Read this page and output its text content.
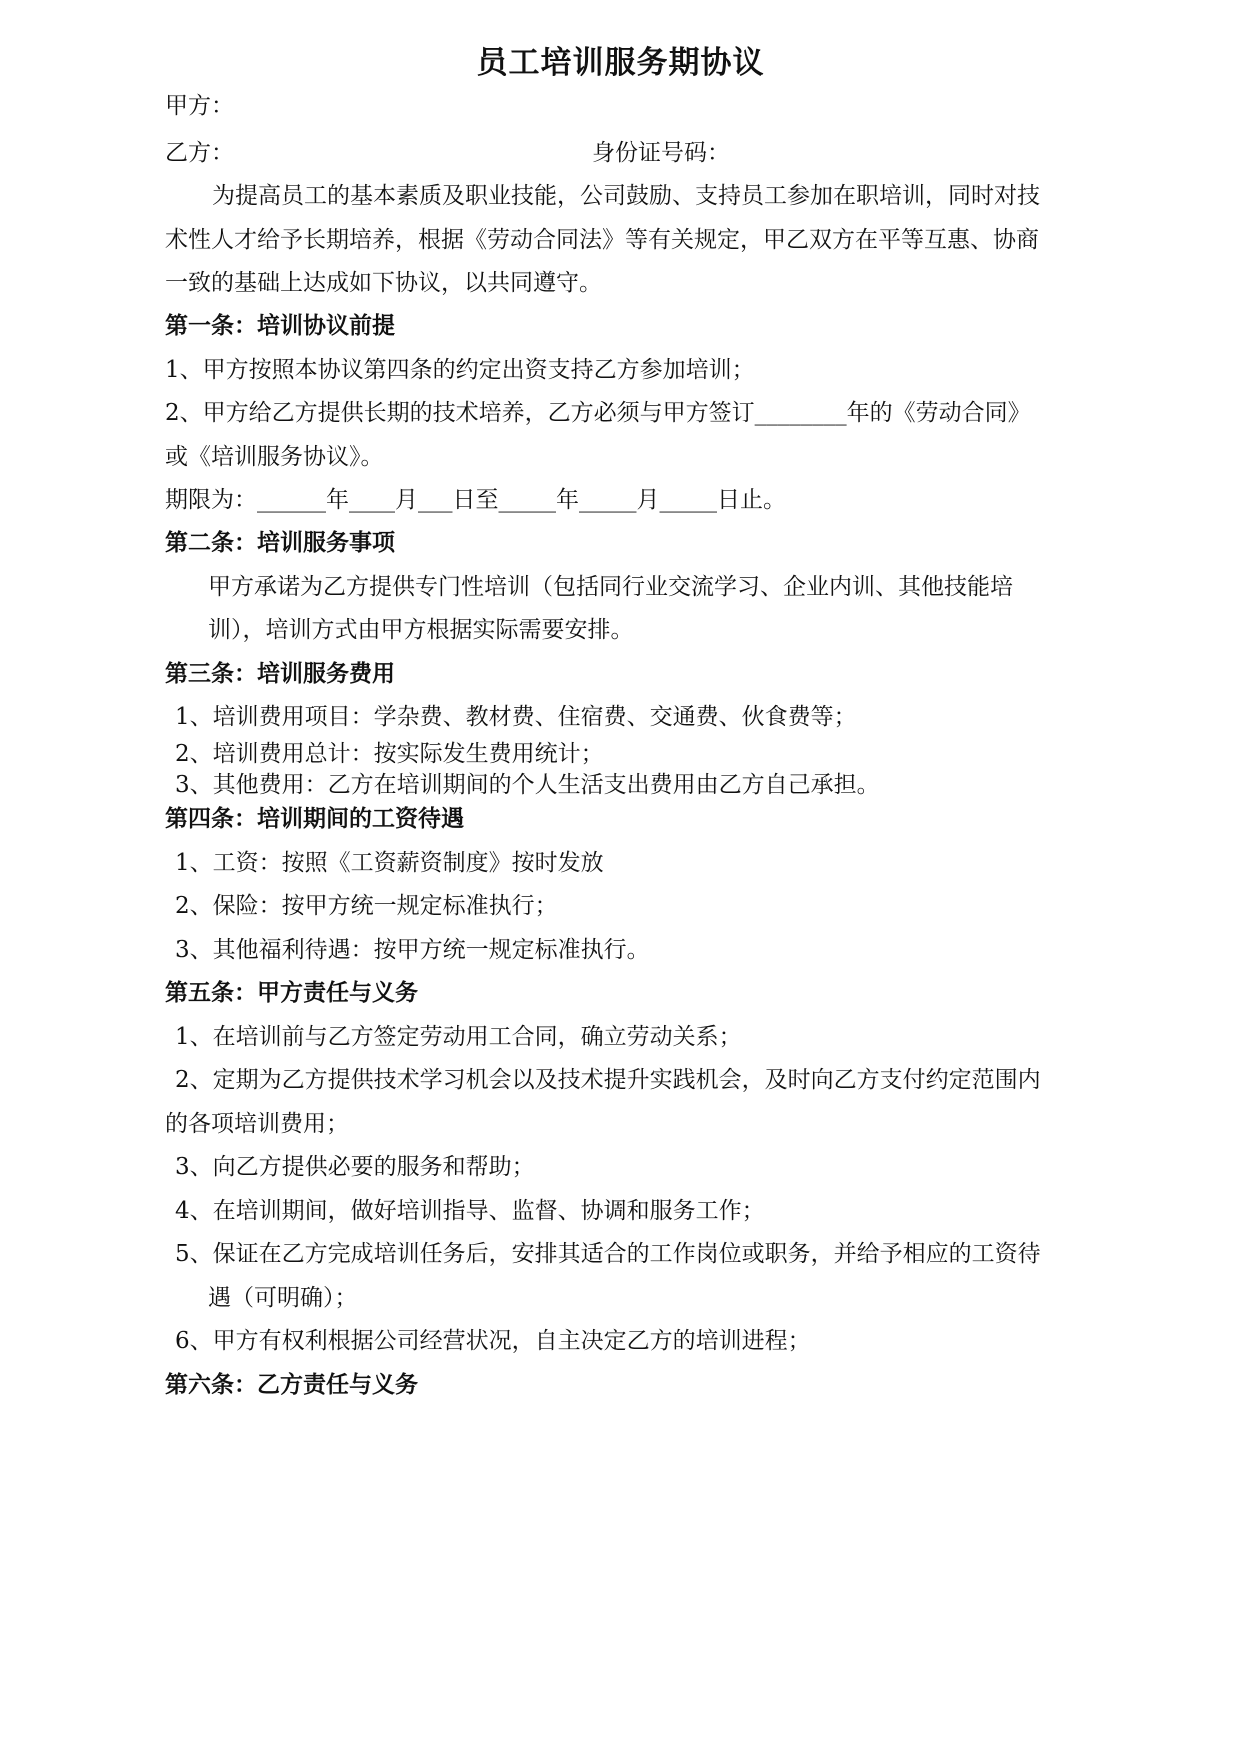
员工培训服务期协议
甲方：
乙方：	身份证号码：
为提高员工的基本素质及职业技能，公司鼓励、支持员工参加在职培训，同时对技
术性人才给予长期培养，根据《劳动合同法》等有关规定，甲乙双方在平等互惠、协商
一致的基础上达成如下协议，以共同遵守。
第一条：培训协议前提
1、甲方按照本协议第四条的约定出资支持乙方参加培训；
2、甲方给乙方提供长期的技术培养，乙方必须与甲方签订________年的《劳动合同》
或《培训服务协议》。
期限为：______年____月___日至_____年_____月_____日止。
第二条：培训服务事项
甲方承诺为乙方提供专门性培训（包括同行业交流学习、企业内训、其他技能培
训），培训方式由甲方根据实际需要安排。
第三条：培训服务费用
1、培训费用项目：学杂费、教材费、住宿费、交通费、伙食费等；
2、培训费用总计：按实际发生费用统计；
3、其他费用：乙方在培训期间的个人生活支出费用由乙方自己承担。
第四条：培训期间的工资待遇
1、工资：按照《工资薪资制度》按时发放
2、保险：按甲方统一规定标准执行；
3、其他福利待遇：按甲方统一规定标准执行。
第五条：甲方责任与义务
1、在培训前与乙方签定劳动用工合同，确立劳动关系；
2、定期为乙方提供技术学习机会以及技术提升实践机会，及时向乙方支付约定范围内
的各项培训费用；
3、向乙方提供必要的服务和帮助；
4、在培训期间，做好培训指导、监督、协调和服务工作；
5、保证在乙方完成培训任务后，安排其适合的工作岗位或职务，并给予相应的工资待
遇（可明确）；
6、甲方有权利根据公司经营状况，自主决定乙方的培训进程；
第六条：乙方责任与义务
